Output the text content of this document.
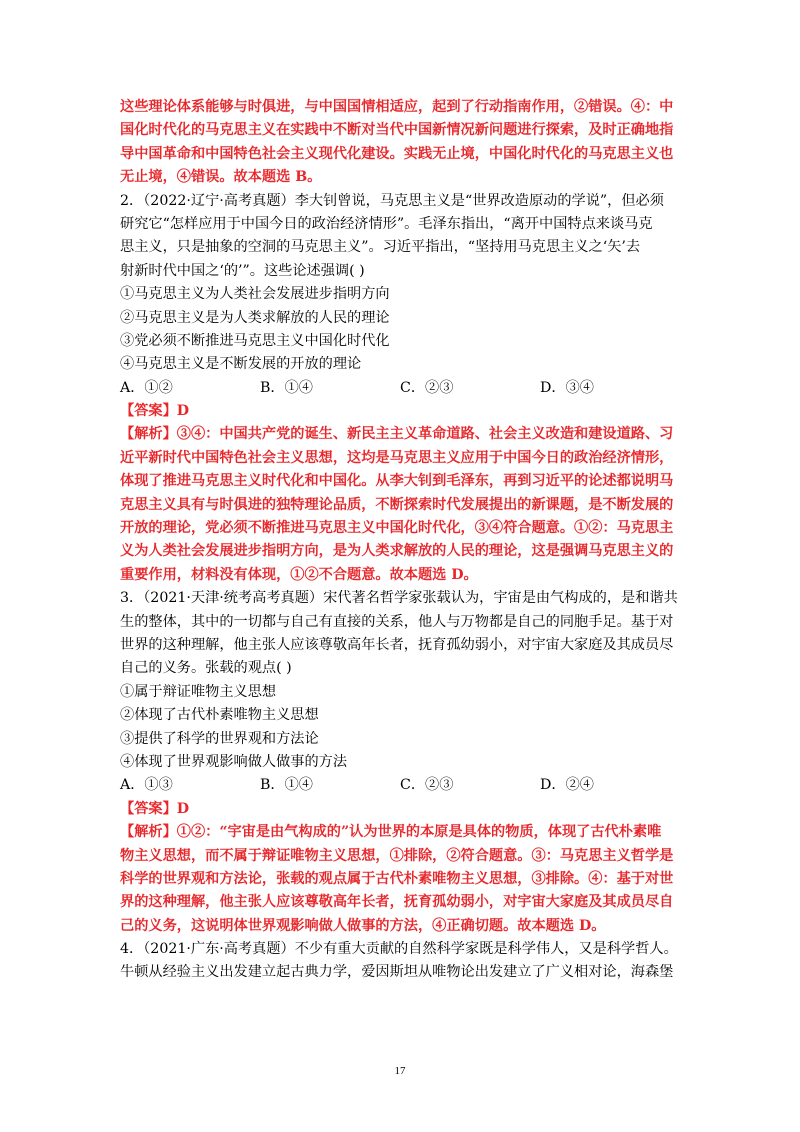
这些理论体系能够与时俱进，与中国国情相适应，起到了行动指南作用，②错误。④：中
国化时代化的马克思主义在实践中不断对当代中国新情况新问题进行探索，及时正确地指
导中国革命和中国特色社会主义现代化建设。实践无止境，中国化时代化的马克思主义也
无止境，④错误。故本题选 B。
2．（2022·辽宁·高考真题）李大钊曾说，马克思主义是“世界改造原动的学说”，但必须
研究它“怎样应用于中国今日的政治经济情形”。毛泽东指出，“离开中国特点来谈马克
思主义，只是抽象的空洞的马克思主义”。习近平指出，“坚持用马克思主义之‘矢’去
射新时代中国之‘的’”。这些论述强调( )
①马克思主义为人类社会发展进步指明方向
②马克思主义是为人类求解放的人民的理论
③党必须不断推进马克思主义中国化时代化
④马克思主义是不断发展的开放的理论
A．①②	B．①④	C．②③	D．③④
【答案】D
【解析】③④：中国共产党的诞生、新民主主义革命道路、社会主义改造和建设道路、习
近平新时代中国特色社会主义思想，这均是马克思主义应用于中国今日的政治经济情形，
体现了推进马克思主义时代化和中国化。从李大钊到毛泽东，再到习近平的论述都说明马
克思主义具有与时俱进的独特理论品质，不断探索时代发展提出的新课题，是不断发展的
开放的理论，党必须不断推进马克思主义中国化时代化，③④符合题意。①②：马克思主
义为人类社会发展进步指明方向，是为人类求解放的人民的理论，这是强调马克思主义的
重要作用，材料没有体现，①②不合题意。故本题选 D。
3．（2021·天津·统考高考真题）宋代著名哲学家张载认为，宇宙是由气构成的，是和谐共
生的整体，其中的一切都与自己有直接的关系，他人与万物都是自己的同胞手足。基于对
世界的这种理解，他主张人应该尊敬高年长者，抚育孤幼弱小，对宇宙大家庭及其成员尽
自己的义务。张载的观点( )
①属于辩证唯物主义思想
②体现了古代朴素唯物主义思想
③提供了科学的世界观和方法论
④体现了世界观影响做人做事的方法
A．①③	B．①④	C．②③	D．②④
【答案】D
【解析】①②：“宇宙是由气构成的”认为世界的本原是具体的物质，体现了古代朴素唯
物主义思想，而不属于辩证唯物主义思想，①排除，②符合题意。③：马克思主义哲学是
科学的世界观和方法论，张载的观点属于古代朴素唯物主义思想，③排除。④：基于对世
界的这种理解，他主张人应该尊敬高年长者，抚育孤幼弱小，对宇宙大家庭及其成员尽自
己的义务，这说明体世界观影响做人做事的方法，④正确切题。故本题选 D。
4．（2021·广东·高考真题）不少有重大贡献的自然科学家既是科学伟人，又是科学哲人。
牛顿从经验主义出发建立起古典力学，爱因斯坦从唯物论出发建立了广义相对论，海森堡
17
